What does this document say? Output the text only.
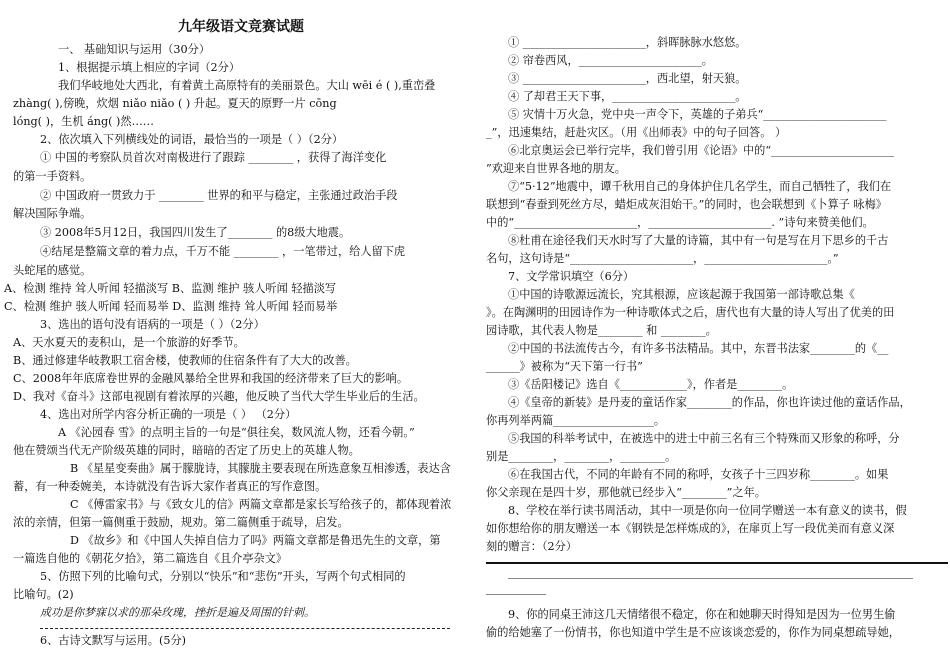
九年级语文竞赛试题
一、 基础知识与运用（30分）
1、根据提示填上相应的字词（2分）
我们华岐地处大西北，有着黄土高原特有的美丽景色。大山 wēi é ( ),重峦叠
zhàng( ),傍晚，炊烟 niǎo niǎo ( ) 升起。夏天的原野一片 cōng
lóng( )，生机 áng( )然……
2、依次填入下列横线处的词语，最恰当的一项是（ ）（2分）
① 中国的考察队员首次对南极进行了跟踪 ________ ，获得了海洋变化
的第一手资料。
② 中国政府一贯致力于 ________ 世界的和平与稳定，主张通过政治手段
解决国际争端。
③ 2008年5月12日，我国四川发生了________ 的8级大地震。
④结尾是整篇文章的着力点，千万不能 ________ ，一笔带过，给人留下虎
头蛇尾的感觉。
A、检测 维持 耸人听闻 轻描淡写 B、监测 维护 骇人听闻 轻描淡写
C、检测 维护 骇人听闻 轻而易举 D、监测 维持 耸人听闻 轻而易举
3、选出的语句没有语病的一项是（ ）（2分）
A、天水夏天的麦积山，是一个旅游的好季节。
B、通过修建华岐教职工宿舍楼，使教师的住宿条件有了大大的改善。
C、2008年年底席卷世界的金融风暴给全世界和我国的经济带来了巨大的影响。
D、我对《奋斗》这部电视剧有着浓厚的兴趣，他反映了当代大学生毕业后的生活。
4、选出对所学内容分析正确的一项是（ ） （2分）
A 《沁园春 雪》的点明主旨的一句是“俱往矣，数风流人物，还看今朝。”
他在赞颂当代无产阶级英雄的同时，暗暗的否定了历史上的英雄人物。
B 《星星变奏曲》属于朦胧诗，其朦胧主要表现在所选意象互相渗透，表达含
蓄，有一种委婉美，本诗就没有告诉大家作者真正的写作意图。
C 《傅雷家书》与《致女儿的信》两篇文章都是家长写给孩子的，都体现着浓
浓的亲情，但第一篇侧重于鼓励，规劝。第二篇侧重于疏导，启发。
D 《故乡》和《中国人失掉自信力了吗》两篇文章都是鲁迅先生的文章，第
一篇选自他的《朝花夕拾》，第二篇选自《且介亭杂文》
5、仿照下列的比喻句式，分别以“快乐”和“悲伤”开头，写两个句式相同的
比喻句。(2)
成功是你梦寐以求的那朵玫瑰，挫折是遍及周围的针刺。
6、古诗文默写与运用。(5分)
① ______________________，斜晖脉脉水悠悠。
② 帘卷西风，______________________。
③ ______________________，西北望，射天狼。
④ 了却君王天下事，______________________。
⑤ 灾情十万火急，党中央一声令下，英雄的子弟兵“______________________
_”，迅速集结，赶赴灾区。（用《出师表》中的句子回答。 ）
⑥北京奥运会已举行完毕，我们曾引用《论语》中的“______________________
”欢迎来自世界各地的朋友。
⑦“5·12”地震中，谭千秋用自己的身体护住几名学生，而自己牺牲了，我们在
联想到“春蚕到死丝方尽，蜡炬成灰泪始干。”的同时，也会联想到《卜算子 咏梅》
中的“______________________，______________________. ”诗句来赞美他们。
⑧杜甫在途径我们天水时写了大量的诗篇，其中有一句是写在月下思乡的千古
名句，这句诗是“______________________，______________________。”
7、文学常识填空（6分）
①中国的诗歌源远流长，究其根源，应该起源于我国第一部诗歌总集《
》。在陶渊明的田园诗作为一种诗歌体式之后，唐代也有大量的诗人写出了优美的田
园诗歌，其代表人物是________ 和 ________。
②中国的书法流传古今，有许多书法精品。其中，东晋书法家________的《__
______》被称为“天下第一行书”
③《岳阳楼记》选自《____________》，作者是________。
④《皇帝的新装》是丹麦的童话作家________的作品，你也许读过他的童话作品，
你再列举两篇__________________。
⑤我国的科举考试中，在被选中的进士中前三名有三个特殊而又形象的称呼，分
别是________，________，________。
⑥在我国古代，不同的年龄有不同的称呼，女孩子十三四岁称________。如果
你父亲现在是四十岁，那他就已经步入“________”之年。
8、学校在举行读书周活动，其中一项是你向一位同学赠送一本有意义的读书，假
如你想给你的朋友赠送一本《钢铁是怎样炼成的》，在扉页上写一段优美而有意义深
刻的赠言：（2分）
9、你的同桌王沛这几天情绪很不稳定，你在和她聊天时得知是因为一位男生偷
偷的给她塞了一份情书，你也知道中学生是不应该谈恋爱的，你作为同桌想疏导她，
